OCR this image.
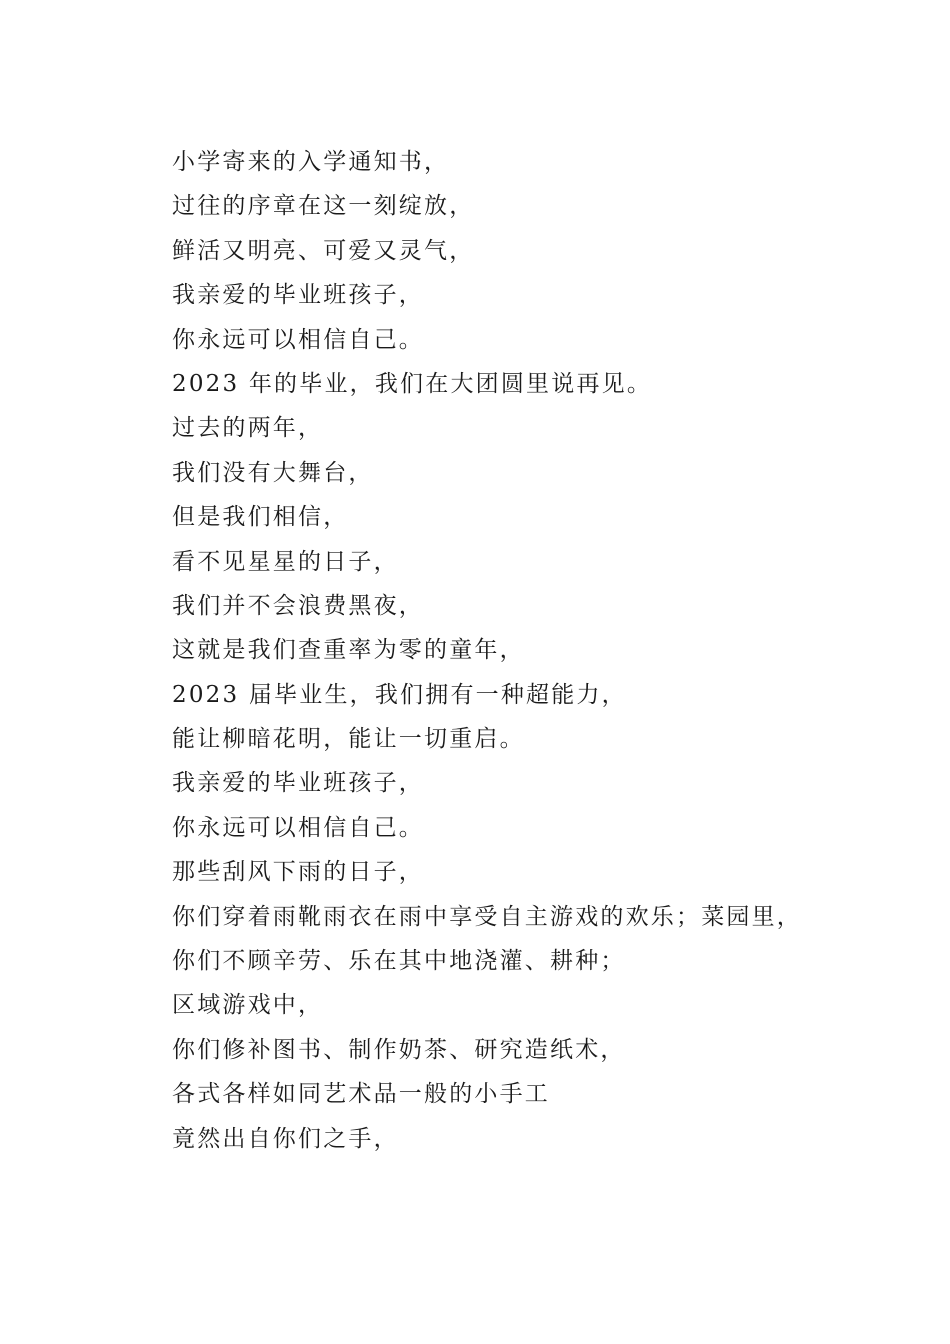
小学寄来的入学通知书，
过往的序章在这一刻绽放，
鲜活又明亮、可爱又灵气，
我亲爱的毕业班孩子，
你永远可以相信自己。
2023 年的毕业，我们在大团圆里说再见。
过去的两年，
我们没有大舞台，
但是我们相信，
看不见星星的日子，
我们并不会浪费黑夜，
这就是我们查重率为零的童年，
2023 届毕业生，我们拥有一种超能力，
能让柳暗花明，能让一切重启。
我亲爱的毕业班孩子，
你永远可以相信自己。
那些刮风下雨的日子，
你们穿着雨靴雨衣在雨中享受自主游戏的欢乐；菜园里，
你们不顾辛劳、乐在其中地浇灌、耕种；
区域游戏中，
你们修补图书、制作奶茶、研究造纸术，
各式各样如同艺术品一般的小手工
竟然出自你们之手，
